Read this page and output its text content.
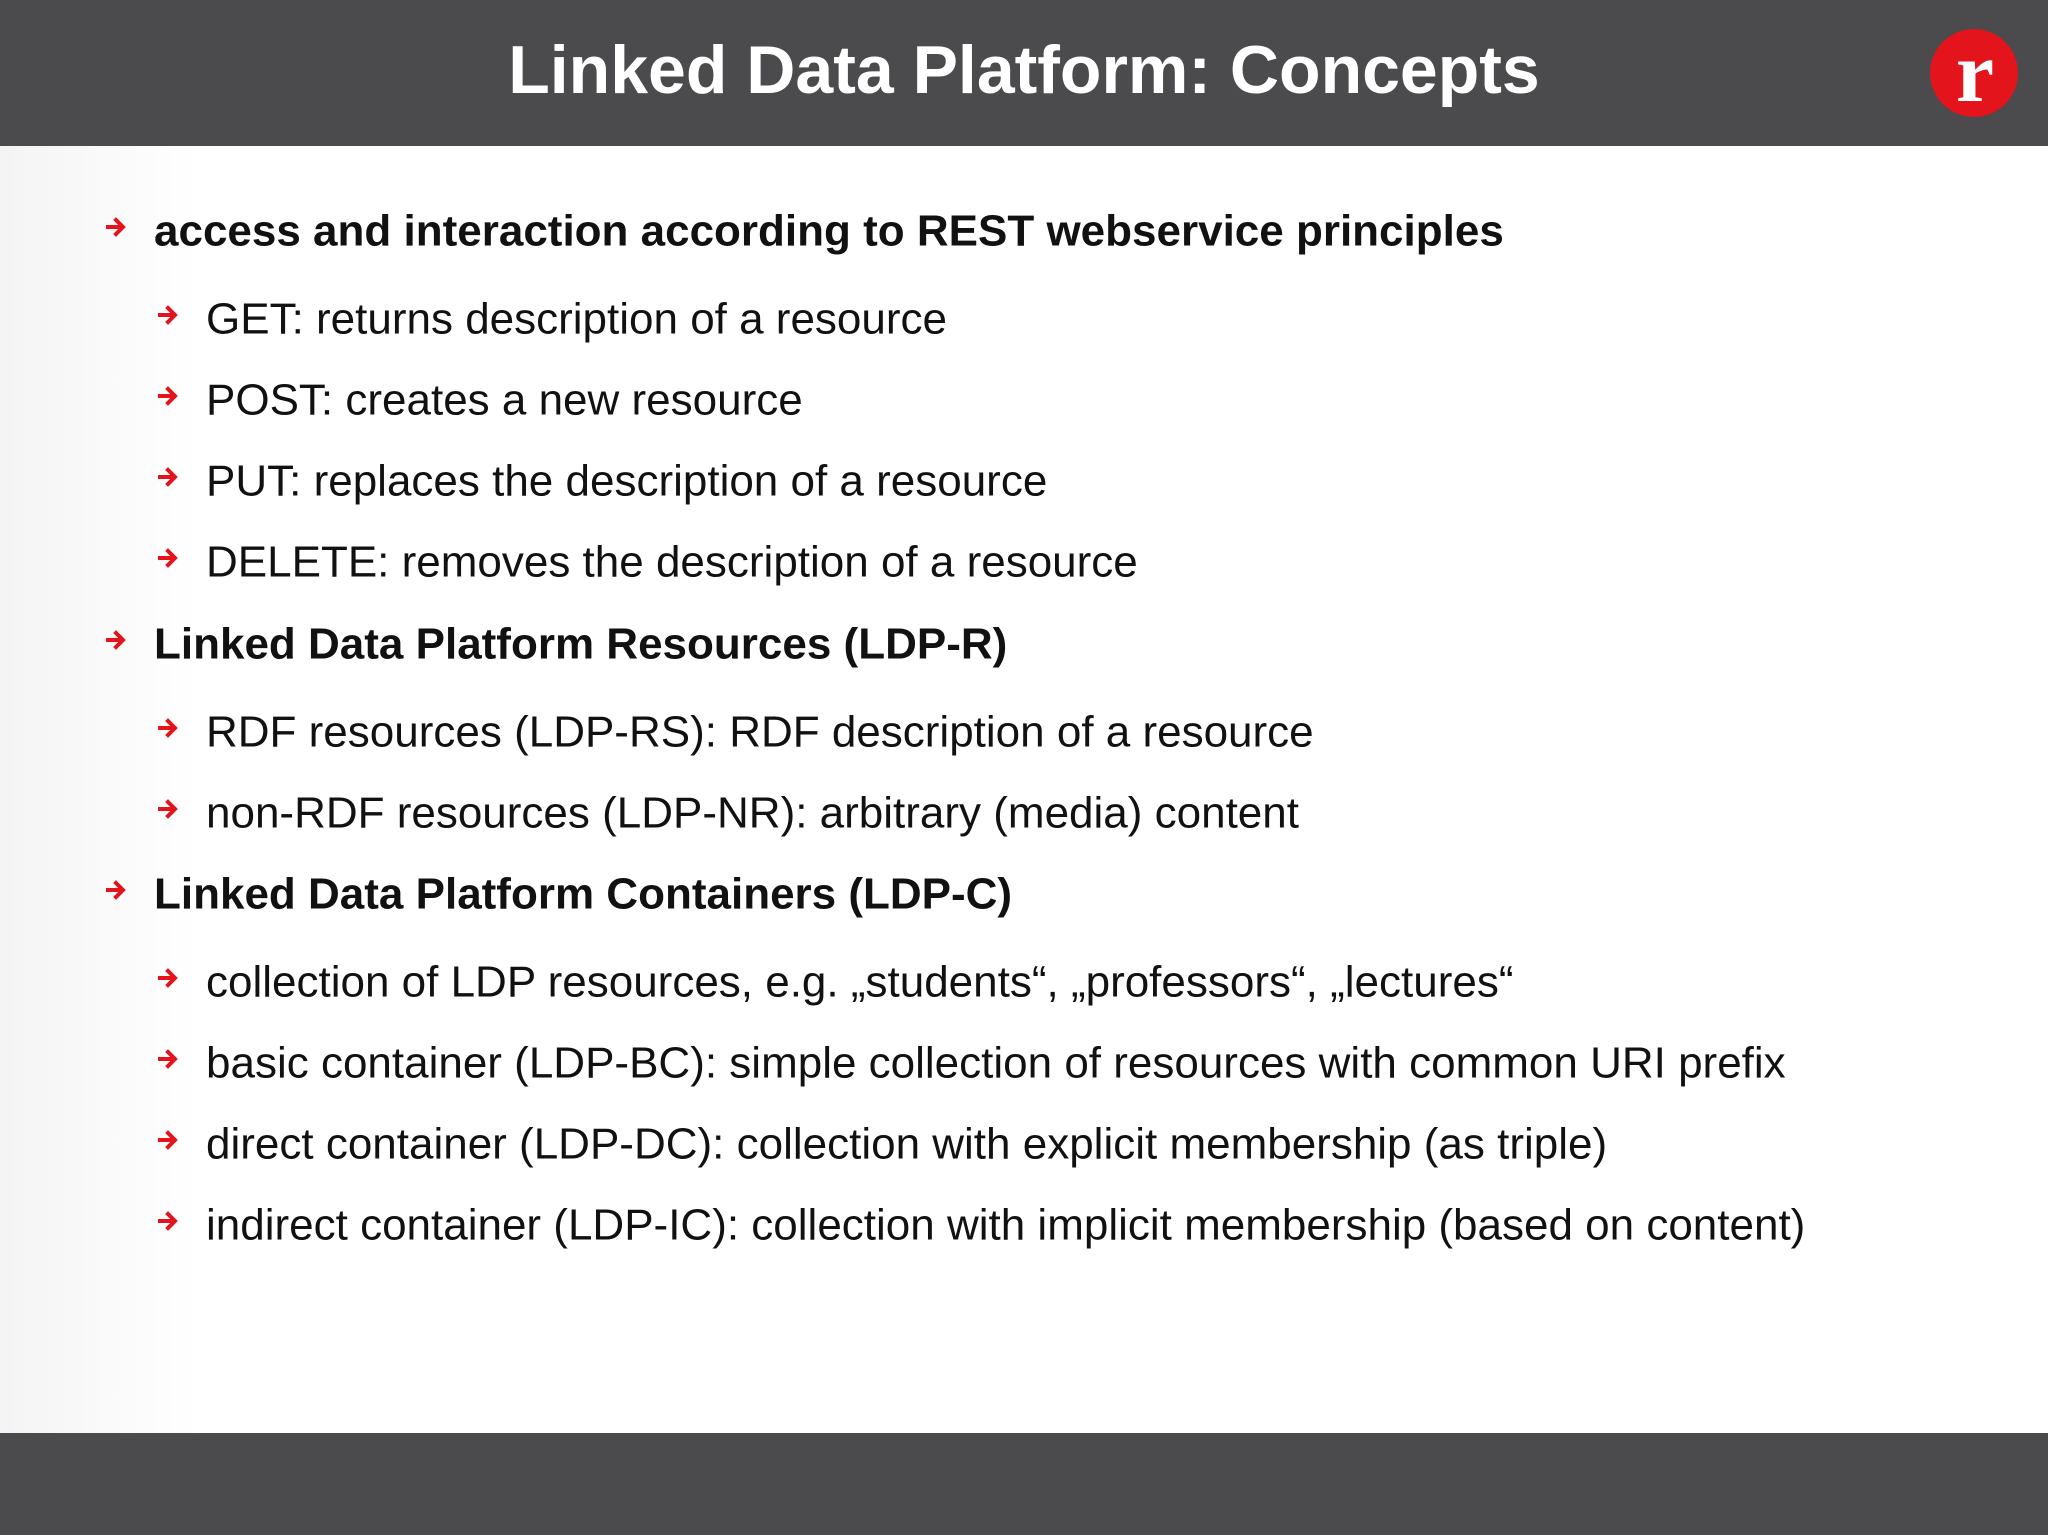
Linked Data Platform: Concepts	r
access and interaction according to REST webservice principles
GET: returns description of a resource
POST: creates a new resource
PUT: replaces the description of a resource
DELETE: removes the description of a resource
Linked Data Platform Resources (LDP-R)
RDF resources (LDP-RS): RDF description of a resource
non-RDF resources (LDP-NR): arbitrary (media) content
Linked Data Platform Containers (LDP-C)
collection of LDP resources, e.g. „students“, „professors“, „lectures“
basic container (LDP-BC): simple collection of resources with common URI prefix
direct container (LDP-DC): collection with explicit membership (as triple)
indirect container (LDP-IC): collection with implicit membership (based on content)
